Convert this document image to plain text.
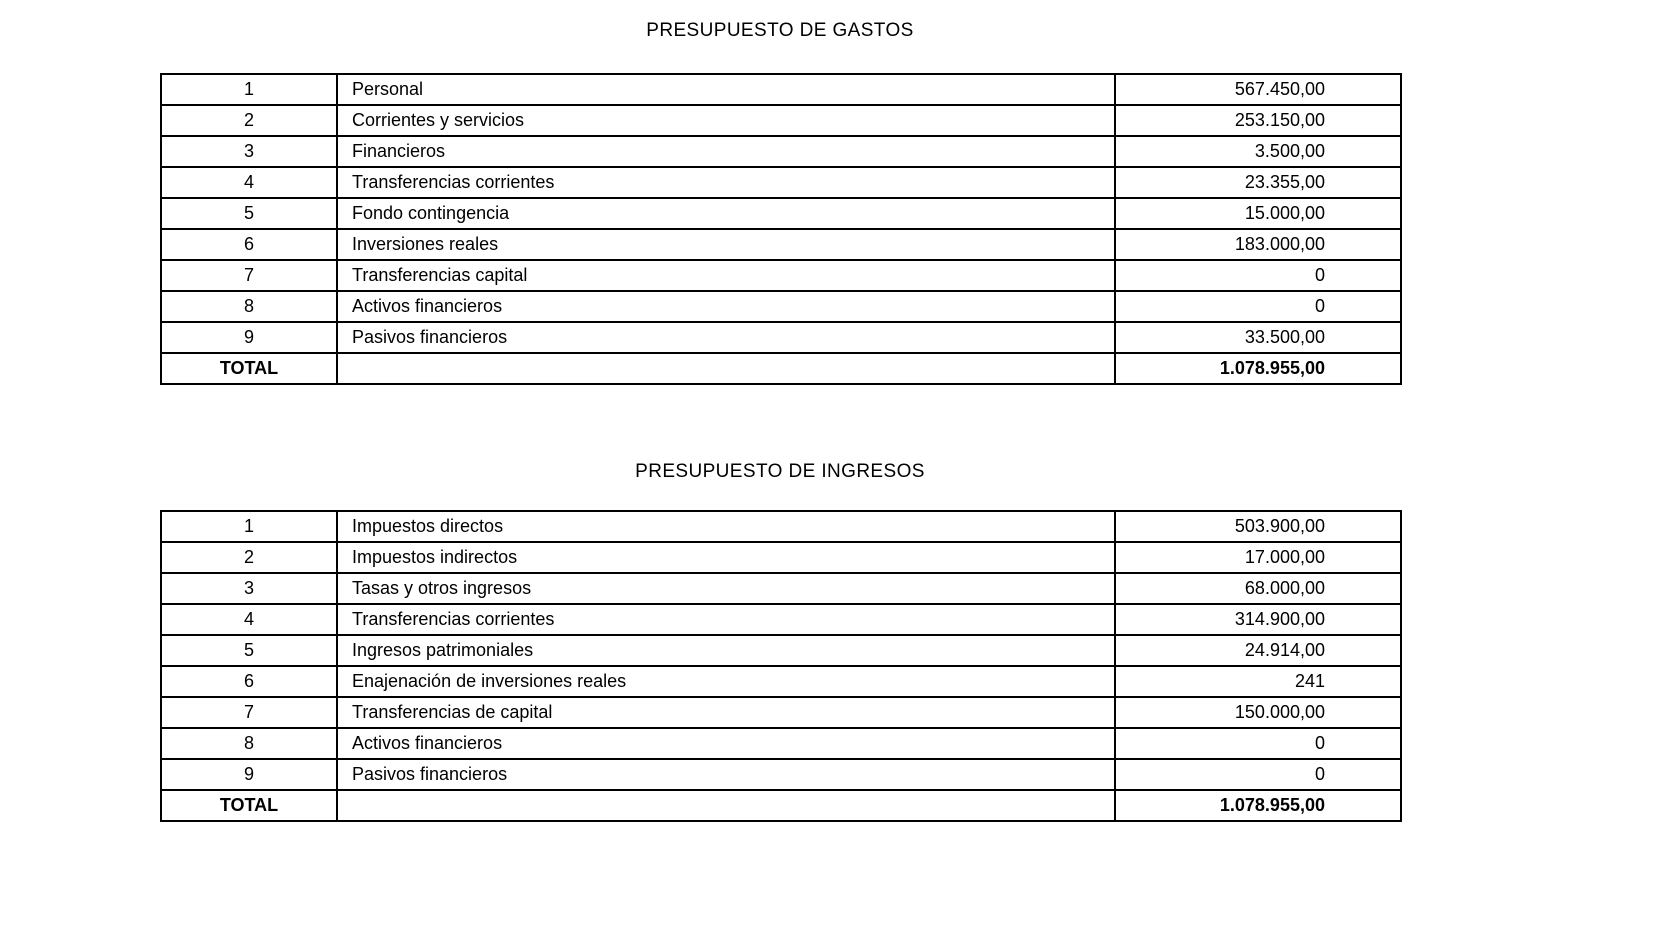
PRESUPUESTO DE GASTOS
1	Personal	567.450,00
2	Corrientes y servicios	253.150,00
3	Financieros	3.500,00
4	Transferencias corrientes	23.355,00
5	Fondo contingencia	15.000,00
6	Inversiones reales	183.000,00
7	Transferencias capital	0
8	Activos financieros	0
9	Pasivos financieros	33.500,00
TOTAL		1.078.955,00
PRESUPUESTO DE INGRESOS
1	Impuestos directos	503.900,00
2	Impuestos indirectos	17.000,00
3	Tasas y otros ingresos	68.000,00
4	Transferencias corrientes	314.900,00
5	Ingresos patrimoniales	24.914,00
6	Enajenación de inversiones reales	241
7	Transferencias de capital	150.000,00
8	Activos financieros	0
9	Pasivos financieros	0
TOTAL		1.078.955,00
